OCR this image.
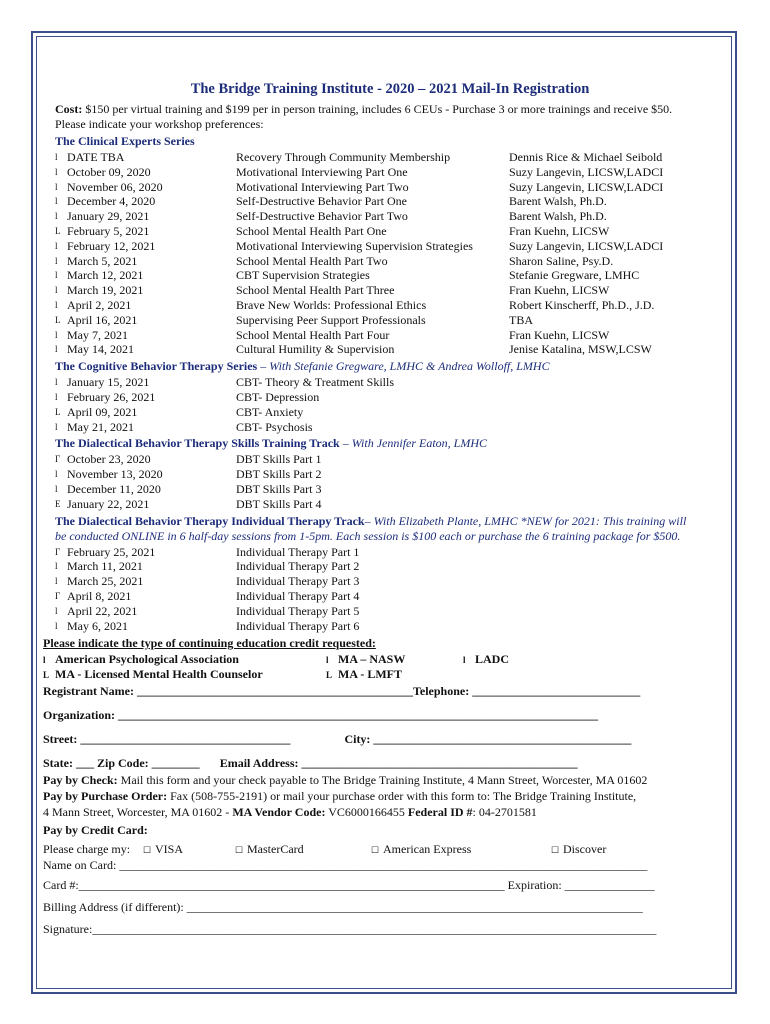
The Bridge Training Institute - 2020 – 2021 Mail-In Registration
Cost: $150 per virtual training and $199 per in person training, includes 6 CEUs - Purchase 3 or more trainings and receive $50. Please indicate your workshop preferences:
The Clinical Experts Series
l DATE TBA	Recovery Through Community Membership	Dennis Rice & Michael Seibold
l October 09, 2020	Motivational Interviewing Part One	Suzy Langevin, LICSW,LADCI
l November 06, 2020	Motivational Interviewing Part Two	Suzy Langevin, LICSW,LADCI
l December 4, 2020	Self-Destructive Behavior Part One	Barent Walsh, Ph.D.
l January 29, 2021	Self-Destructive Behavior Part Two	Barent Walsh, Ph.D.
L February 5, 2021	School Mental Health Part One	Fran Kuehn, LICSW
l February 12, 2021	Motivational Interviewing Supervision Strategies	Suzy Langevin, LICSW,LADCI
l March 5, 2021	School Mental Health Part Two	Sharon Saline, Psy.D.
l March 12, 2021	CBT Supervision Strategies	Stefanie Gregware, LMHC
l March 19, 2021	School Mental Health Part Three	Fran Kuehn, LICSW
l April 2, 2021	Brave New Worlds: Professional Ethics	Robert Kinscherff, Ph.D., J.D.
L April 16, 2021	Supervising Peer Support Professionals	TBA
l May 7, 2021	School Mental Health Part Four	Fran Kuehn, LICSW
l May 14, 2021	Cultural Humility & Supervision	Jenise Katalina, MSW,LCSW
The Cognitive Behavior Therapy Series – With Stefanie Gregware, LMHC & Andrea Wolloff, LMHC
l January 15, 2021	CBT- Theory & Treatment Skills
l February 26, 2021	CBT- Depression
L April 09, 2021	CBT- Anxiety
l May 21, 2021	CBT- Psychosis
The Dialectical Behavior Therapy Skills Training Track – With Jennifer Eaton, LMHC
Γ October 23, 2020	DBT Skills Part 1
l November 13, 2020	DBT Skills Part 2
l December 11, 2020	DBT Skills Part 3
E January 22, 2021	DBT Skills Part 4
The Dialectical Behavior Therapy Individual Therapy Track– With Elizabeth Plante, LMHC *NEW for 2021: This training will be conducted ONLINE in 6 half-day sessions from 1-5pm. Each session is $100 each or purchase the 6 training package for $500.
Γ February 25, 2021	Individual Therapy Part 1
l March 11, 2021	Individual Therapy Part 2
l March 25, 2021	Individual Therapy Part 3
Γ April 8, 2021	Individual Therapy Part 4
l April 22, 2021	Individual Therapy Part 5
l May 6, 2021	Individual Therapy Part 6
Please indicate the type of continuing education credit requested:
l American Psychological Association	l MA – NASW	l LADC
L MA - Licensed Mental Health Counselor	L MA - LMFT
Registrant Name: ______________________________________________Telephone: ____________________________
Organization: ________________________________________________________________________________
Street: ___________________________________	City: ___________________________________________
State: ___ Zip Code: ________ Email Address: ______________________________________________
Pay by Check: Mail this form and your check payable to The Bridge Training Institute, 4 Mann Street, Worcester, MA 01602
Pay by Purchase Order: Fax (508-755-2191) or mail your purchase order with this form to: The Bridge Training Institute,
4 Mann Street, Worcester, MA 01602 - MA Vendor Code: VC6000166455 Federal ID #: 04-2701581
Pay by Credit Card:
Please charge my:	☐ VISA	☐ MasterCard	☐ American Express	☐ Discover
Name on Card: ________________________________________________________________________________________
Card #:_______________________________________________________________________ Expiration: _______________
Billing Address (if different): ____________________________________________________________________________
Signature:______________________________________________________________________________________________
